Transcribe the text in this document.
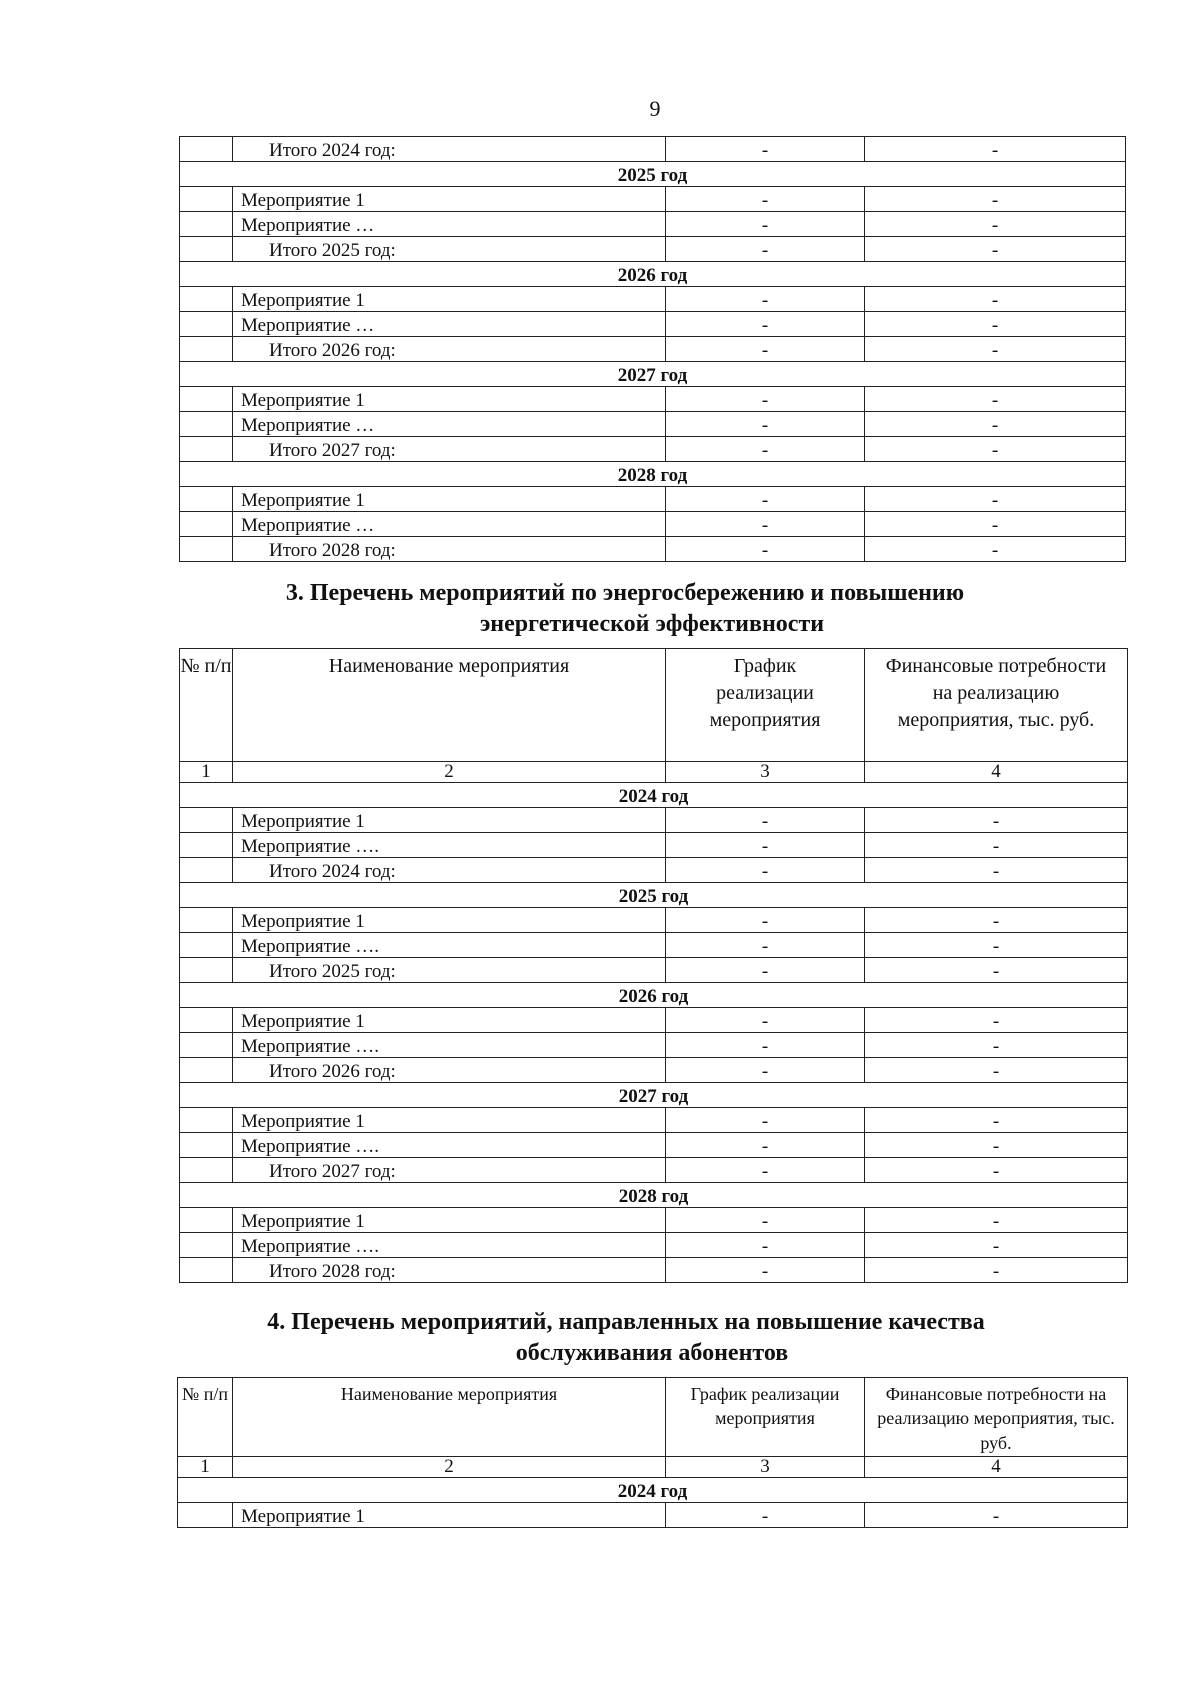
9
	Итого 2024 год:	-	-
2025 год			
	Мероприятие 1	-	-
	Мероприятие …	-	-
	Итого 2025 год:	-	-
2026 год			
	Мероприятие 1	-	-
	Мероприятие …	-	-
	Итого 2026 год:	-	-
2027 год			
	Мероприятие 1	-	-
	Мероприятие …	-	-
	Итого 2027 год:	-	-
2028 год			
	Мероприятие 1	-	-
	Мероприятие …	-	-
	Итого 2028 год:	-	-
3. Перечень мероприятий по энергосбережению и повышению
энергетической эффективности
№ п/п	Наименование мероприятия	График реализации мероприятия	Финансовые потребности на реализацию мероприятия, тыс. руб.
1	2	3	4
2024 год			
	Мероприятие 1	-	-
	Мероприятие ….	-	-
	Итого 2024 год:	-	-
2025 год			
	Мероприятие 1	-	-
	Мероприятие ….	-	-
	Итого 2025 год:	-	-
2026 год			
	Мероприятие 1	-	-
	Мероприятие ….	-	-
	Итого 2026 год:	-	-
2027 год			
	Мероприятие 1	-	-
	Мероприятие ….	-	-
	Итого 2027 год:	-	-
2028 год			
	Мероприятие 1	-	-
	Мероприятие ….	-	-
	Итого 2028 год:	-	-
4. Перечень мероприятий, направленных на повышение качества
обслуживания абонентов
№ п/п	Наименование мероприятия	График реализации мероприятия	Финансовые потребности на реализацию мероприятия, тыс. руб.
1	2	3	4
2024 год			
	Мероприятие 1	-	-
